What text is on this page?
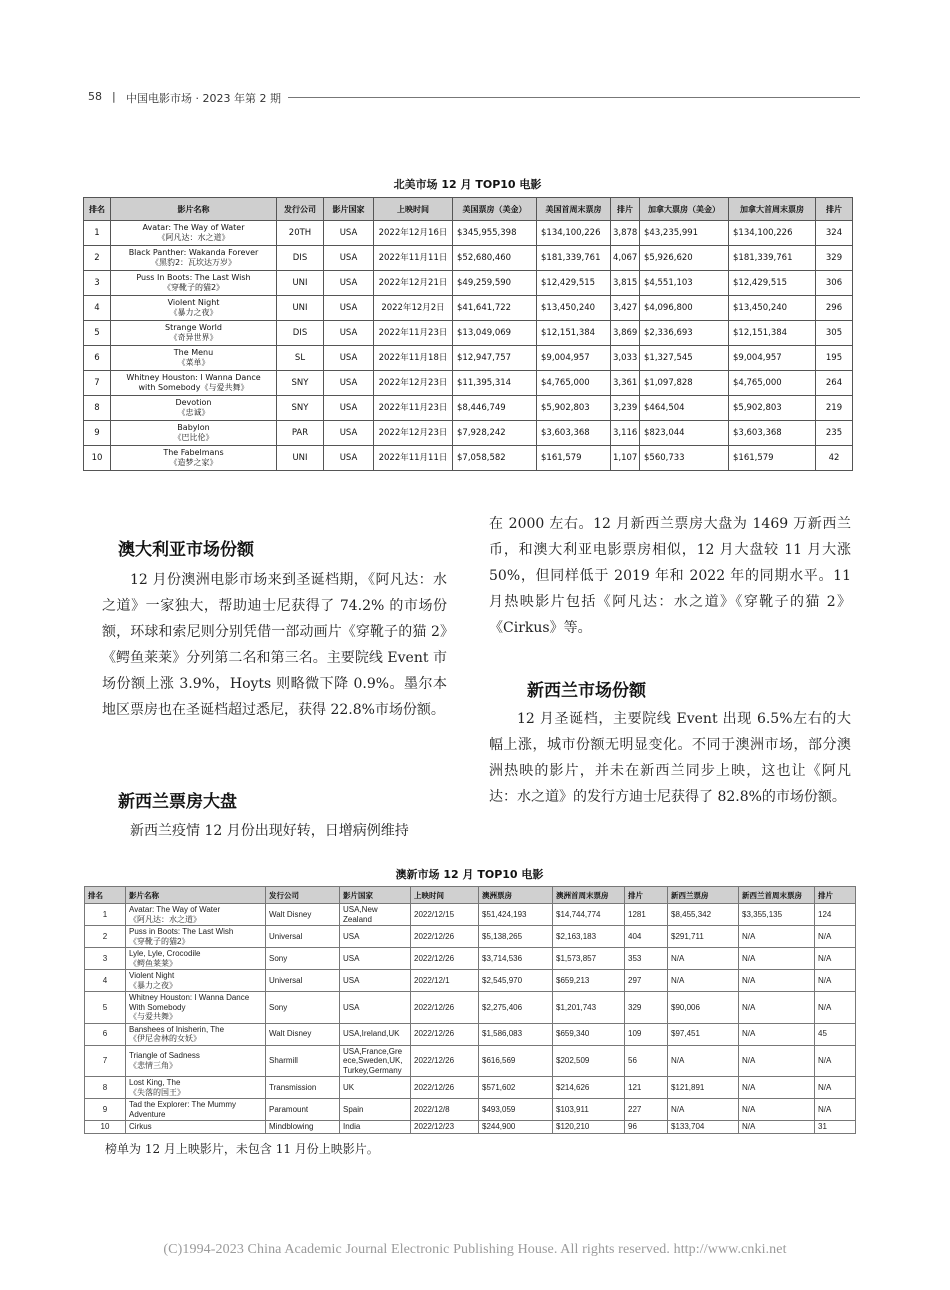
58 | 中国电影市场 · 2023 年第 2 期
北美市场 12 月 TOP10 电影
排名	影片名称	发行公司	影片国家	上映时间	美国票房（美金）	美国首周末票房	排片	加拿大票房（美金）	加拿大首周末票房	排片
1	Avatar: The Way of Water
《阿凡达：水之道》	20TH	USA	2022年12月16日	$345,955,398	$134,100,226	3,878	$43,235,991	$134,100,226	324
2	Black Panther: Wakanda Forever
《黑豹2：瓦坎达万岁》	DIS	USA	2022年11月11日	$52,680,460	$181,339,761	4,067	$5,926,620	$181,339,761	329
3	Puss In Boots: The Last Wish
《穿靴子的猫2》	UNI	USA	2022年12月21日	$49,259,590	$12,429,515	3,815	$4,551,103	$12,429,515	306
4	Violent Night
《暴力之夜》	UNI	USA	2022年12月2日	$41,641,722	$13,450,240	3,427	$4,096,800	$13,450,240	296
5	Strange World
《奇异世界》	DIS	USA	2022年11月23日	$13,049,069	$12,151,384	3,869	$2,336,693	$12,151,384	305
6	The Menu
《菜单》	SL	USA	2022年11月18日	$12,947,757	$9,004,957	3,033	$1,327,545	$9,004,957	195
7	Whitney Houston: I Wanna Dance
with Somebody《与爱共舞》	SNY	USA	2022年12月23日	$11,395,314	$4,765,000	3,361	$1,097,828	$4,765,000	264
8	Devotion
《忠诚》	SNY	USA	2022年11月23日	$8,446,749	$5,902,803	3,239	$464,504	$5,902,803	219
9	Babylon
《巴比伦》	PAR	USA	2022年12月23日	$7,928,242	$3,603,368	3,116	$823,044	$3,603,368	235
10	The Fabelmans
《造梦之家》	UNI	USA	2022年11月11日	$7,058,582	$161,579	1,107	$560,733	$161,579	42
澳大利亚市场份额

12 月份澳洲电影市场来到圣诞档期，《阿凡达：水之道》一家独大，帮助迪士尼获得了 74.2% 的市场份额，环球和索尼则分别凭借一部动画片《穿靴子的猫 2》《鳄鱼莱莱》分列第二名和第三名。主要院线 Event 市场份额上涨 3.9%，Hoyts 则略微下降 0.9%。墨尔本地区票房也在圣诞档超过悉尼，获得 22.8%市场份额。

新西兰票房大盘

新西兰疫情 12 月份出现好转，日增病例维持

在 2000 左右。12 月新西兰票房大盘为 1469 万新西兰币，和澳大利亚电影票房相似，12 月大盘较 11 月大涨 50%，但同样低于 2019 年和 2022 年的同期水平。11 月热映影片包括《阿凡达：水之道》《穿靴子的猫 2》《Cirkus》等。

新西兰市场份额

12 月圣诞档，主要院线 Event 出现 6.5%左右的大幅上涨，城市份额无明显变化。不同于澳洲市场，部分澳洲热映的影片，并未在新西兰同步上映，这也让《阿凡达：水之道》的发行方迪士尼获得了 82.8%的市场份额。

澳新市场 12 月 TOP10 电影
排名	影片名称	发行公司	影片国家	上映时间	澳洲票房	澳洲首周末票房	排片	新西兰票房	新西兰首周末票房	排片
1	Avatar: The Way of Water
《阿凡达：水之道》	Walt Disney	USA,New
Zealand	2022/12/15	$51,424,193	$14,744,774	1281	$8,455,342	$3,355,135	124
2	Puss in Boots: The Last Wish
《穿靴子的猫2》	Universal	USA	2022/12/26	$5,138,265	$2,163,183	404	$291,711	N/A	N/A
3	Lyle, Lyle, Crocodile
《鳄鱼莱莱》	Sony	USA	2022/12/26	$3,714,536	$1,573,857	353	N/A	N/A	N/A
4	Violent Night
《暴力之夜》	Universal	USA	2022/12/1	$2,545,970	$659,213	297	N/A	N/A	N/A
5	Whitney Houston: I Wanna Dance
With Somebody
《与爱共舞》	Sony	USA	2022/12/26	$2,275,406	$1,201,743	329	$90,006	N/A	N/A
6	Banshees of Inisherin, The
《伊尼舍林的女妖》	Walt Disney	USA,Ireland,UK	2022/12/26	$1,586,083	$659,340	109	$97,451	N/A	45
7	Triangle of Sadness
《悲情三角》	Sharmill	USA,France,Gre
ece,Sweden,UK,
Turkey,Germany	2022/12/26	$616,569	$202,509	56	N/A	N/A	N/A
8	Lost King, The
《失落的国王》	Transmission	UK	2022/12/26	$571,602	$214,626	121	$121,891	N/A	N/A
9	Tad the Explorer: The Mummy
Adventure	Paramount	Spain	2022/12/8	$493,059	$103,911	227	N/A	N/A	N/A
10	Cirkus	Mindblowing	India	2022/12/23	$244,900	$120,210	96	$133,704	N/A	31
榜单为 12 月上映影片，未包含 11 月份上映影片。
(C)1994-2023 China Academic Journal Electronic Publishing House. All rights reserved. http://www.cnki.net
